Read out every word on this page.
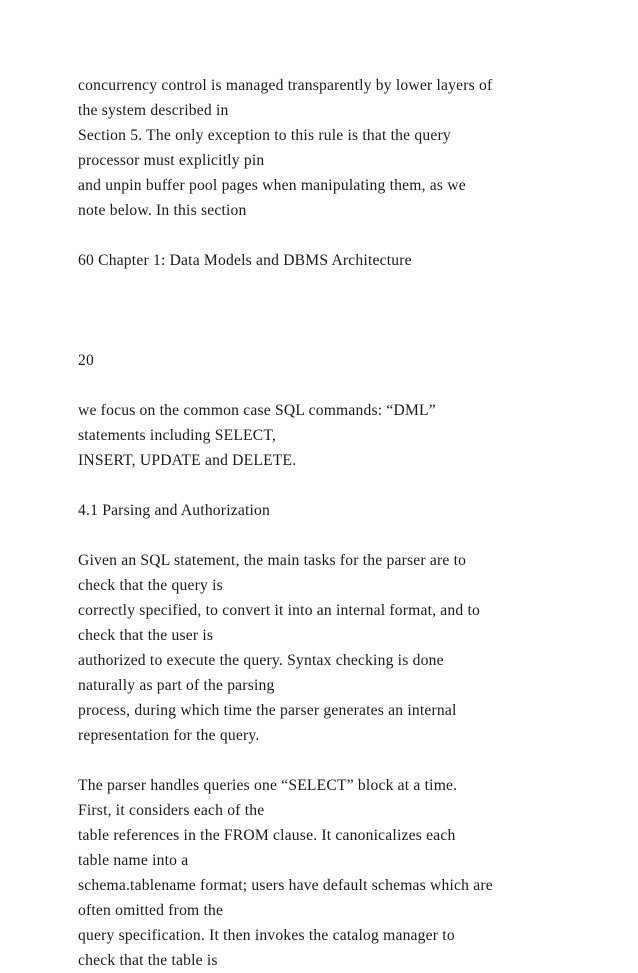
concurrency control is managed transparently by lower layers of
the system described in
Section 5. The only exception to this rule is that the query
processor must explicitly pin
and unpin buffer pool pages when manipulating them, as we
note below. In this section
60 Chapter 1: Data Models and DBMS Architecture
20
we focus on the common case SQL commands: “DML”
statements including SELECT,
INSERT, UPDATE and DELETE.
4.1 Parsing and Authorization
Given an SQL statement, the main tasks for the parser are to
check that the query is
correctly specified, to convert it into an internal format, and to
check that the user is
authorized to execute the query. Syntax checking is done
naturally as part of the parsing
process, during which time the parser generates an internal
representation for the query.
The parser handles queries one “SELECT” block at a time.
First, it considers each of the
table references in the FROM clause. It canonicalizes each
table name into a
schema.tablename format; users have default schemas which are
often omitted from the
query specification. It then invokes the catalog manager to
check that the table is
